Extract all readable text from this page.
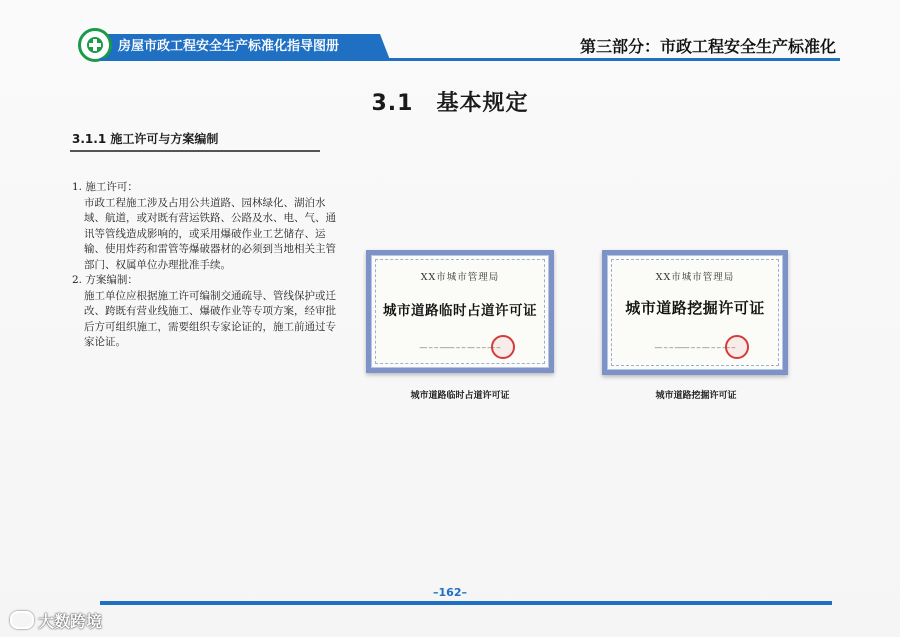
房屋市政工程安全生产标准化指导图册	第三部分：市政工程安全生产标准化
3.1　基本规定
3.1.1 施工许可与方案编制

1. 施工许可：

市政工程施工涉及占用公共道路、园林绿化、湖泊水域、航道，或对既有营运铁路、公路及水、电、气、通讯等管线造成影响的，或采用爆破作业工艺储存、运输、使用炸药和雷管等爆破器材的必须到当地相关主管部门、权属单位办理批准手续。

2. 方案编制：

施工单位应根据施工许可编制交通疏导、管线保护或迁改、跨既有营业线施工、爆破作业等专项方案，经审批后方可组织施工，需要组织专家论证的，施工前通过专家论证。

XX市城市管理局
城市道路临时占道许可证
── ─ ─ ──── ─ ─ ── ─ ─ ── ─
城市道路临时占道许可证
XX市城市管理局
城市道路挖掘许可证
── ─ ─ ──── ─ ─ ── ─ ─ ── ─
城市道路挖掘许可证
–162–
大数跨境
